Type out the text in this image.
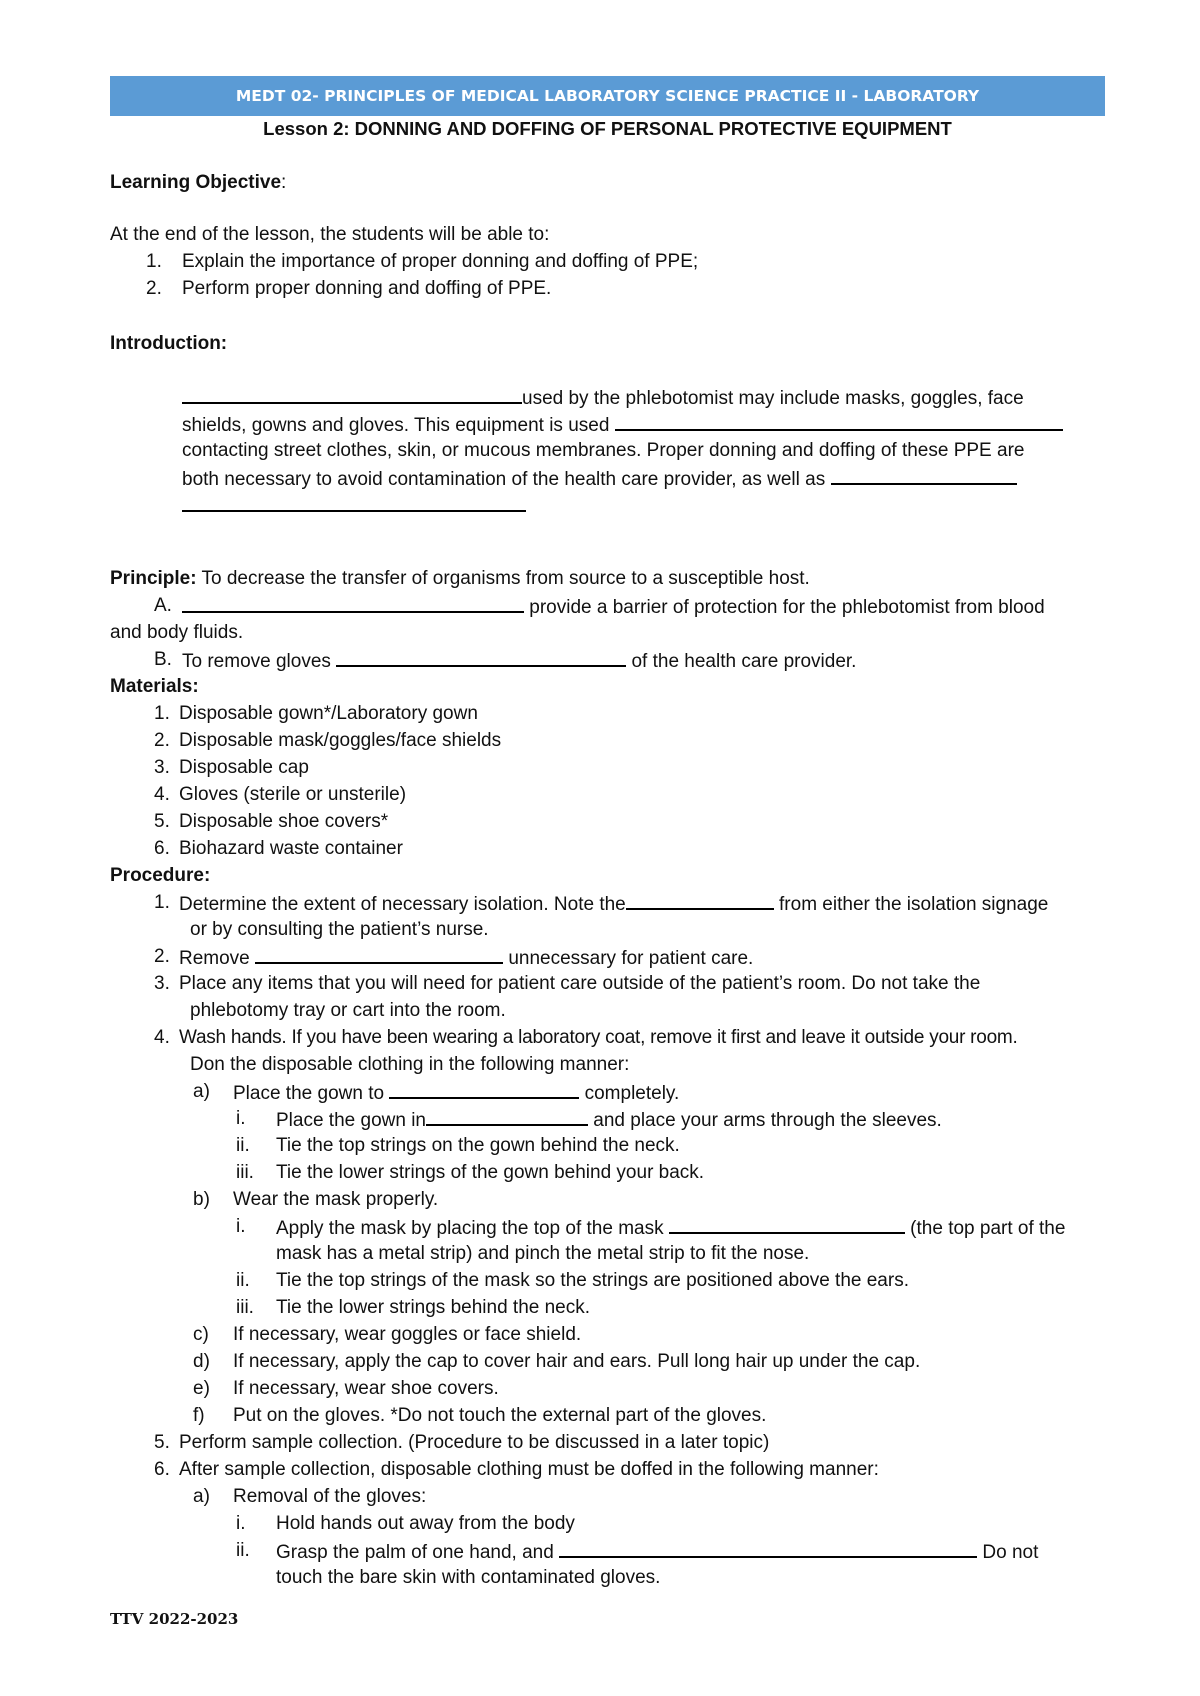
MEDT 02- PRINCIPLES OF MEDICAL LABORATORY SCIENCE PRACTICE II - LABORATORY
Lesson 2: DONNING AND DOFFING OF PERSONAL PROTECTIVE EQUIPMENT
Learning Objective:
At the end of the lesson, the students will be able to:
1. Explain the importance of proper donning and doffing of PPE;
2. Perform proper donning and doffing of PPE.
Introduction:
used by the phlebotomist may include masks, goggles, face
shields, gowns and gloves. This equipment is used
contacting street clothes, skin, or mucous membranes. Proper donning and doffing of these PPE are
both necessary to avoid contamination of the health care provider, as well as
Principle: To decrease the transfer of organisms from source to a susceptible host.
A.	provide a barrier of protection for the phlebotomist from blood
and body fluids.
B. To remove gloves	of the health care provider.
Materials:
1. Disposable gown*/Laboratory gown
2. Disposable mask/goggles/face shields
3. Disposable cap
4. Gloves (sterile or unsterile)
5. Disposable shoe covers*
6. Biohazard waste container
Procedure:
1. Determine the extent of necessary isolation. Note the	from either the isolation signage
or by consulting the patient’s nurse.
2. Remove	unnecessary for patient care.
3. Place any items that you will need for patient care outside of the patient’s room. Do not take the
phlebotomy tray or cart into the room.
4. Wash hands. If you have been wearing a laboratory coat, remove it first and leave it outside your room.
Don the disposable clothing in the following manner:
a) Place the gown to	completely.
i. Place the gown in	and place your arms through the sleeves.
ii. Tie the top strings on the gown behind the neck.
iii. Tie the lower strings of the gown behind your back.
b) Wear the mask properly.
i. Apply the mask by placing the top of the mask	(the top part of the
mask has a metal strip) and pinch the metal strip to fit the nose.
ii. Tie the top strings of the mask so the strings are positioned above the ears.
iii. Tie the lower strings behind the neck.
c) If necessary, wear goggles or face shield.
d) If necessary, apply the cap to cover hair and ears. Pull long hair up under the cap.
e) If necessary, wear shoe covers.
f) Put on the gloves. *Do not touch the external part of the gloves.
5. Perform sample collection. (Procedure to be discussed in a later topic)
6. After sample collection, disposable clothing must be doffed in the following manner:
a) Removal of the gloves:
i. Hold hands out away from the body
ii. Grasp the palm of one hand, and	Do not
touch the bare skin with contaminated gloves.
TTV 2022-2023
